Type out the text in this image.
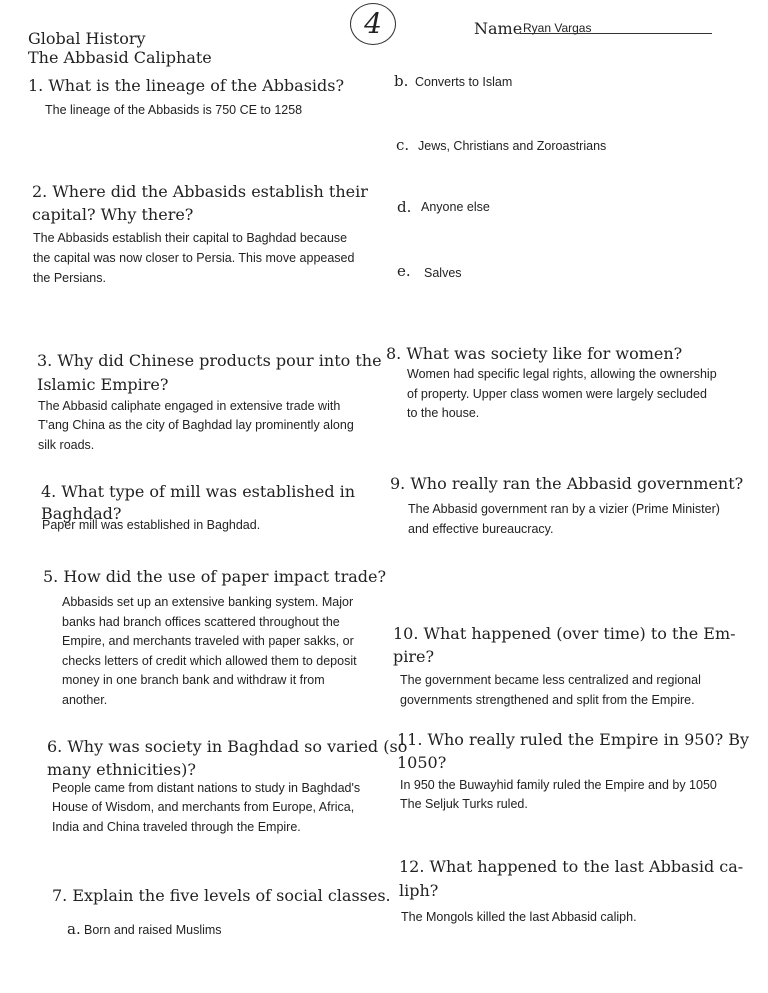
Global History
The Abbasid Caliphate
4	Name Ryan Vargas
1. What is the lineage of the Abbasids?
The lineage of the Abbasids is 750 CE to 1258
2. Where did the Abbasids establish their
capital? Why there?
The Abbasids establish their capital to Baghdad because
the capital was now closer to Persia. This move appeased
the Persians.
3. Why did Chinese products pour into the
Islamic Empire?
The Abbasid caliphate engaged in extensive trade with
T'ang China as the city of Baghdad lay prominently along
silk roads.
4. What type of mill was established in
Baghdad?
Paper mill was established in Baghdad.
5. How did the use of paper impact trade?
Abbasids set up an extensive banking system. Major
banks had branch offices scattered throughout the
Empire, and merchants traveled with paper sakks, or
checks letters of credit which allowed them to deposit
money in one branch bank and withdraw it from
another.
6. Why was society in Baghdad so varied (so
many ethnicities)?
People came from distant nations to study in Baghdad's
House of Wisdom, and merchants from Europe, Africa,
India and China traveled through the Empire.
7. Explain the five levels of social classes.
a. Born and raised Muslims
b. Converts to Islam
c. Jews, Christians and Zoroastrians
d. Anyone else
e. Salves
8. What was society like for women?
Women had specific legal rights, allowing the ownership
of property. Upper class women were largely secluded
to the house.
9. Who really ran the Abbasid government?
The Abbasid government ran by a vizier (Prime Minister)
and effective bureaucracy.
10. What happened (over time) to the Em-
pire?
The government became less centralized and regional
governments strengthened and split from the Empire.
11. Who really ruled the Empire in 950? By
1050?
In 950 the Buwayhid family ruled the Empire and by 1050
The Seljuk Turks ruled.
12. What happened to the last Abbasid ca-
liph?
The Mongols killed the last Abbasid caliph.
